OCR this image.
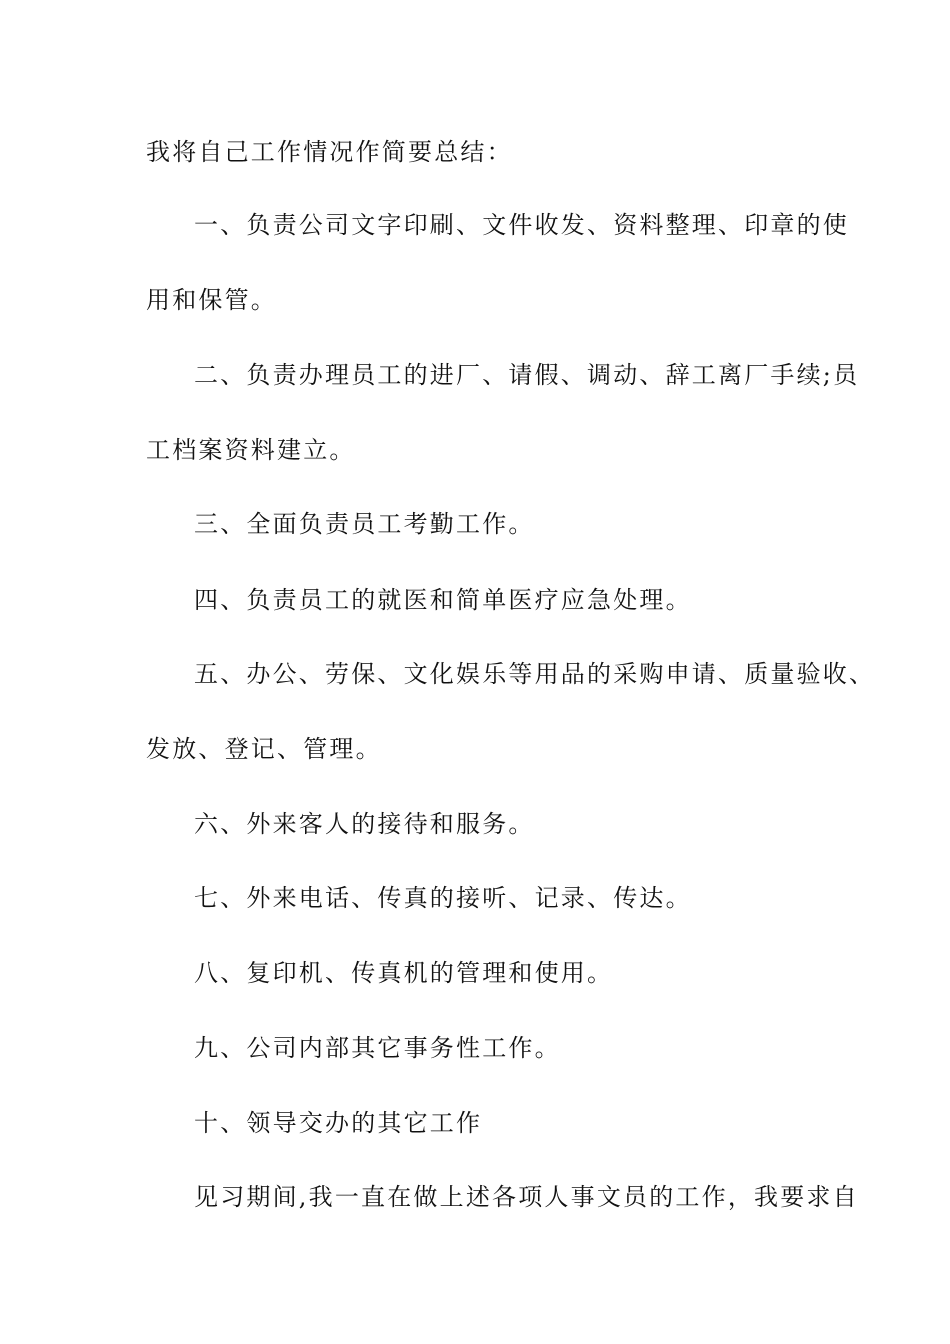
我将自己工作情况作简要总结：
一、负责公司文字印刷、文件收发、资料整理、印章的使
用和保管。
二、负责办理员工的进厂、请假、调动、辞工离厂手续;员
工档案资料建立。
三、全面负责员工考勤工作。
四、负责员工的就医和简单医疗应急处理。
五、办公、劳保、文化娱乐等用品的采购申请、质量验收、
发放、登记、管理。
六、外来客人的接待和服务。
七、外来电话、传真的接听、记录、传达。
八、复印机、传真机的管理和使用。
九、公司内部其它事务性工作。
十、领导交办的其它工作
见习期间,我一直在做上述各项人事文员的工作，我要求自
